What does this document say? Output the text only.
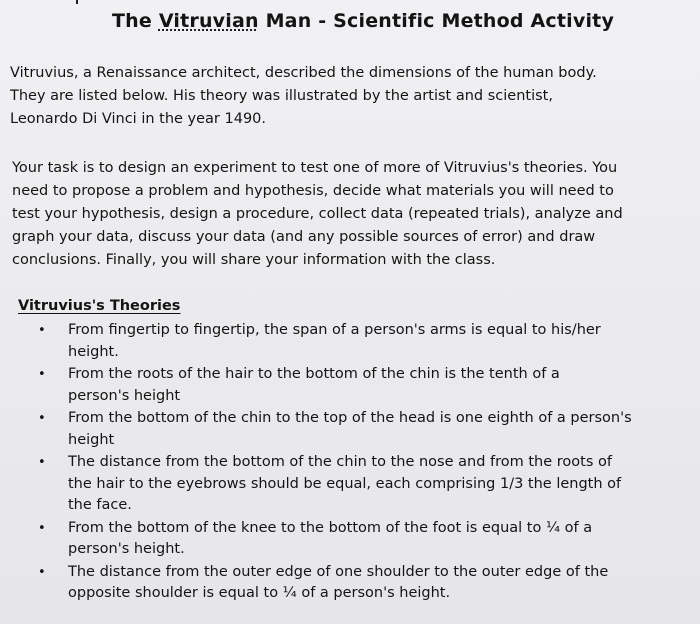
The Vitruvian Man - Scientific Method Activity
Vitruvius, a Renaissance architect, described the dimensions of the human body.
They are listed below. His theory was illustrated by the artist and scientist,
Leonardo Di Vinci in the year 1490.
Your task is to design an experiment to test one of more of Vitruvius's theories. You
need to propose a problem and hypothesis, decide what materials you will need to
test your hypothesis, design a procedure, collect data (repeated trials), analyze and
graph your data, discuss your data (and any possible sources of error) and draw
conclusions. Finally, you will share your information with the class.
Vitruvius's Theories
• From fingertip to fingertip, the span of a person's arms is equal to his/her
height.
• From the roots of the hair to the bottom of the chin is the tenth of a
person's height
• From the bottom of the chin to the top of the head is one eighth of a person's
height
• The distance from the bottom of the chin to the nose and from the roots of
the hair to the eyebrows should be equal, each comprising 1/3 the length of
the face.
• From the bottom of the knee to the bottom of the foot is equal to ¼ of a
person's height.
• The distance from the outer edge of one shoulder to the outer edge of the
opposite shoulder is equal to ¼ of a person's height.
